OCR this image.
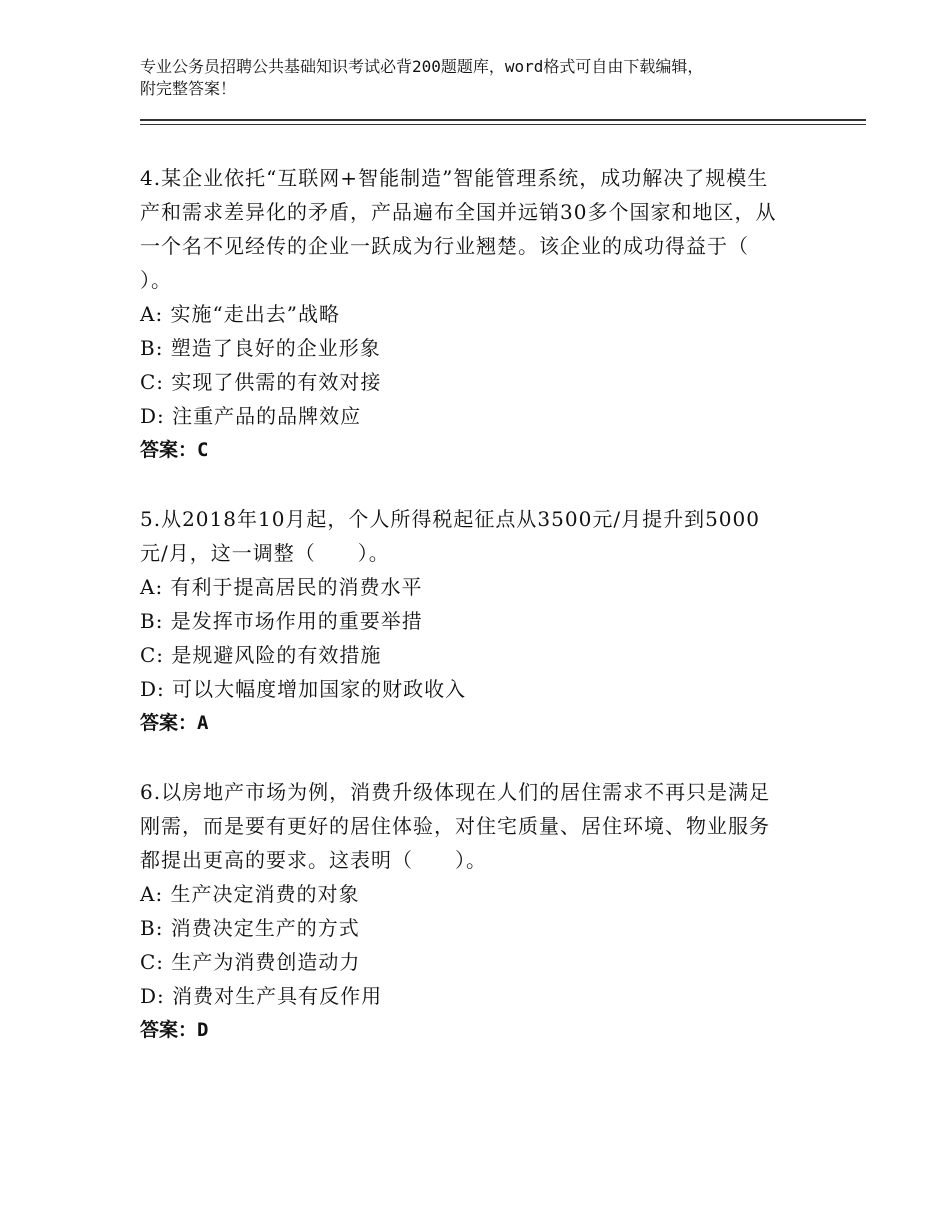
专业公务员招聘公共基础知识考试必背200题题库，word格式可自由下载编辑，
附完整答案！
4.某企业依托“互联网+智能制造”智能管理系统，成功解决了规模生
产和需求差异化的矛盾，产品遍布全国并远销30多个国家和地区，从
一个名不见经传的企业一跃成为行业翘楚。该企业的成功得益于（
）。
A: 实施“走出去”战略
B: 塑造了良好的企业形象
C: 实现了供需的有效对接
D: 注重产品的品牌效应
答案：C
5.从2018年10月起，个人所得税起征点从3500元/月提升到5000
元/月，这一调整（　　）。
A: 有利于提高居民的消费水平
B: 是发挥市场作用的重要举措
C: 是规避风险的有效措施
D: 可以大幅度增加国家的财政收入
答案：A
6.以房地产市场为例，消费升级体现在人们的居住需求不再只是满足
刚需，而是要有更好的居住体验，对住宅质量、居住环境、物业服务
都提出更高的要求。这表明（　　）。
A: 生产决定消费的对象
B: 消费决定生产的方式
C: 生产为消费创造动力
D: 消费对生产具有反作用
答案：D
